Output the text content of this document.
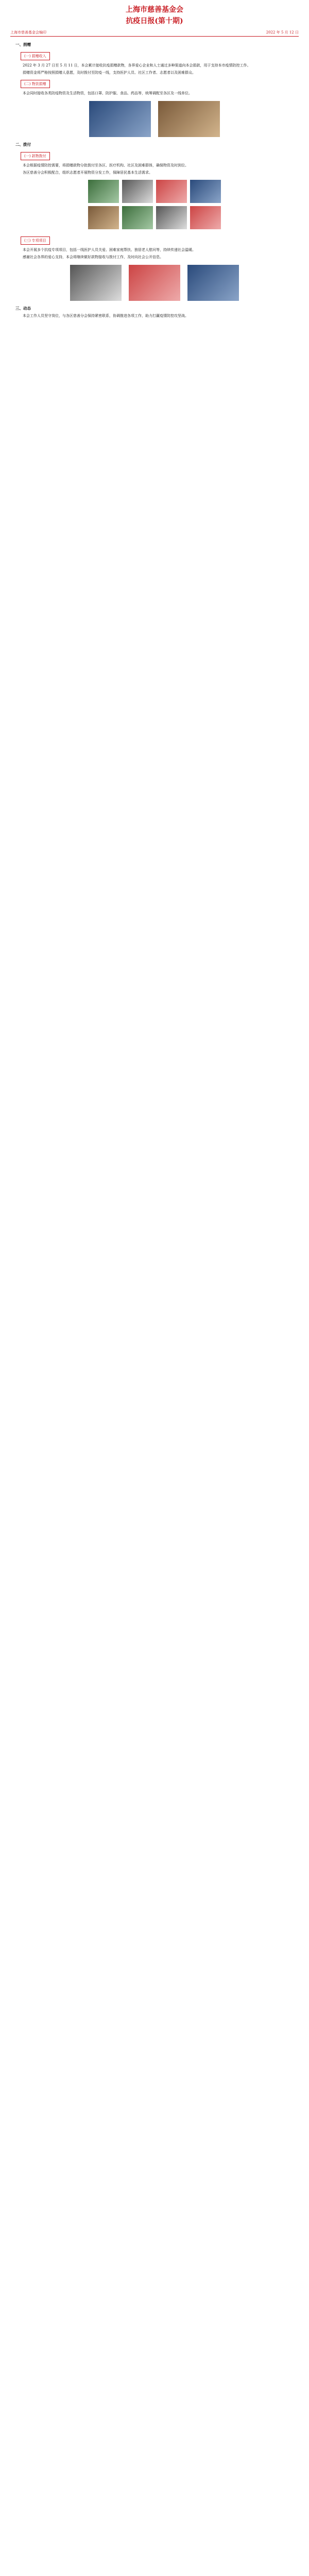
上海市慈善基金会
抗疫日报(第十期)
上海市慈善基金会编印	2022 年 5 月 12 日
一、捐赠
(一) 捐赠收入

2022 年 3 月 27 日至 5 月 11 日，本会累计接收抗疫捐赠款物，各界爱心企业和人士通过多种渠道向本会捐款，用于支持本市疫情防控工作。

捐赠资金将严格按照捐赠人意愿，及时拨付至防疫一线，支持医护人员、社区工作者、志愿者以及困难群众。

(二) 物资捐赠

本会同时接收各类防疫物资及生活物资，包括口罩、防护服、食品、药品等，统筹调配至各区及一线单位。

二、拨付
(一) 款物拨付

本会根据疫情防控需要，将捐赠款物分批拨付至各区、医疗机构、社区及困难群体，确保物资及时到位。

各区慈善分会积极配合，组织志愿者开展物资分发工作，保障居民基本生活需求。

(三) 专项项目

本会开展多个抗疫专项项目，包括一线医护人员关爱、困难家庭帮扶、独居老人慰问等，持续传递社会温暖。

感谢社会各界的爱心支持，本会将继续做好款物接收与拨付工作，及时向社会公开信息。

三、动态

本会工作人员坚守岗位，与各区慈善分会保持紧密联系，协调推进各项工作，助力打赢疫情防控攻坚战。
